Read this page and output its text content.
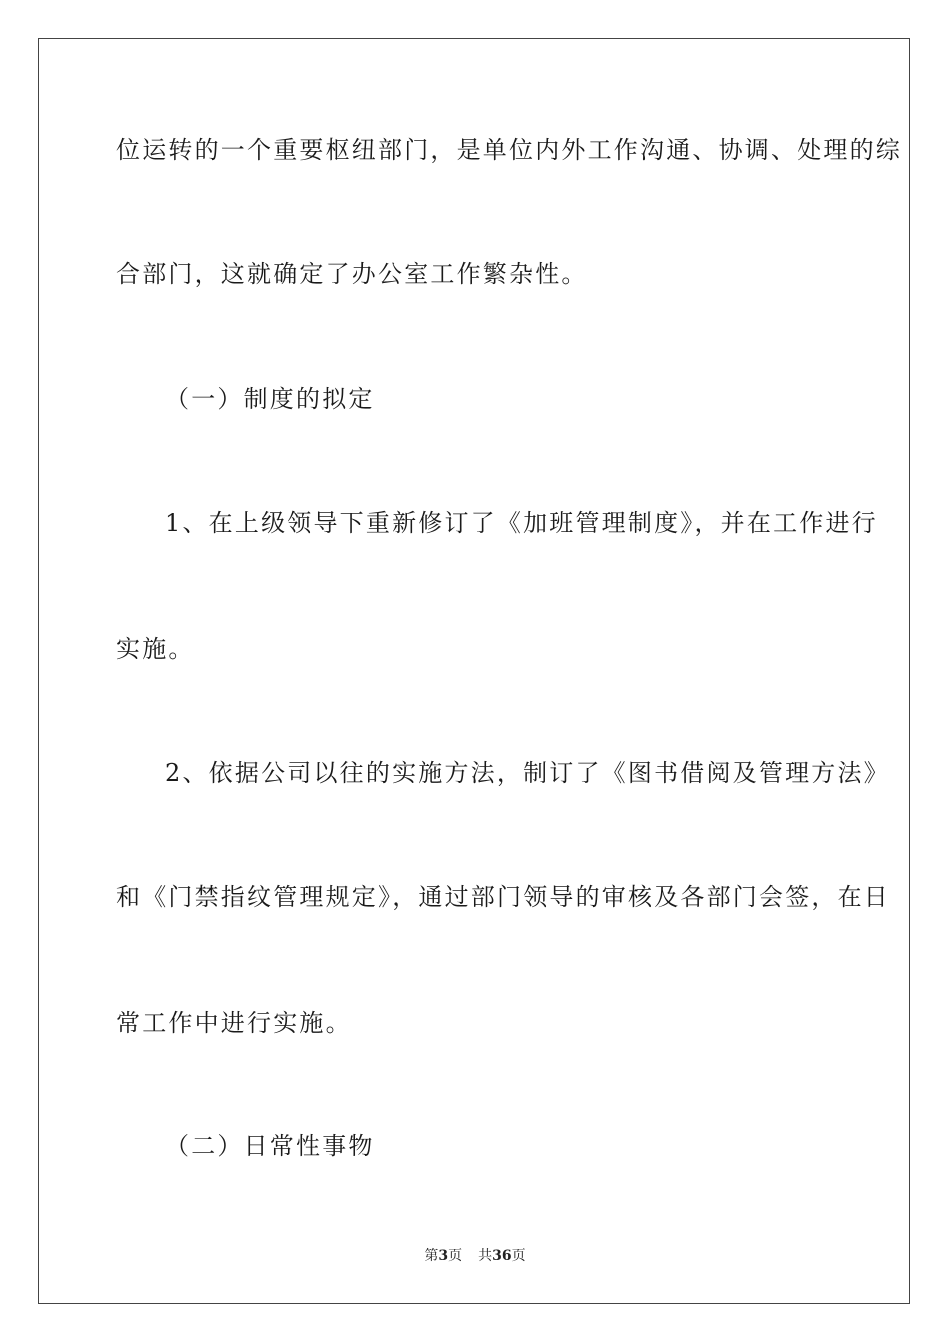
位运转的一个重要枢纽部门，是单位内外工作沟通、协调、处理的综
合部门，这就确定了办公室工作繁杂性。
（一）制度的拟定
1、在上级领导下重新修订了《加班管理制度》，并在工作进行
实施。
2、依据公司以往的实施方法，制订了《图书借阅及管理方法》
和《门禁指纹管理规定》，通过部门领导的审核及各部门会签，在日
常工作中进行实施。
（二）日常性事物
第3页 共36页
